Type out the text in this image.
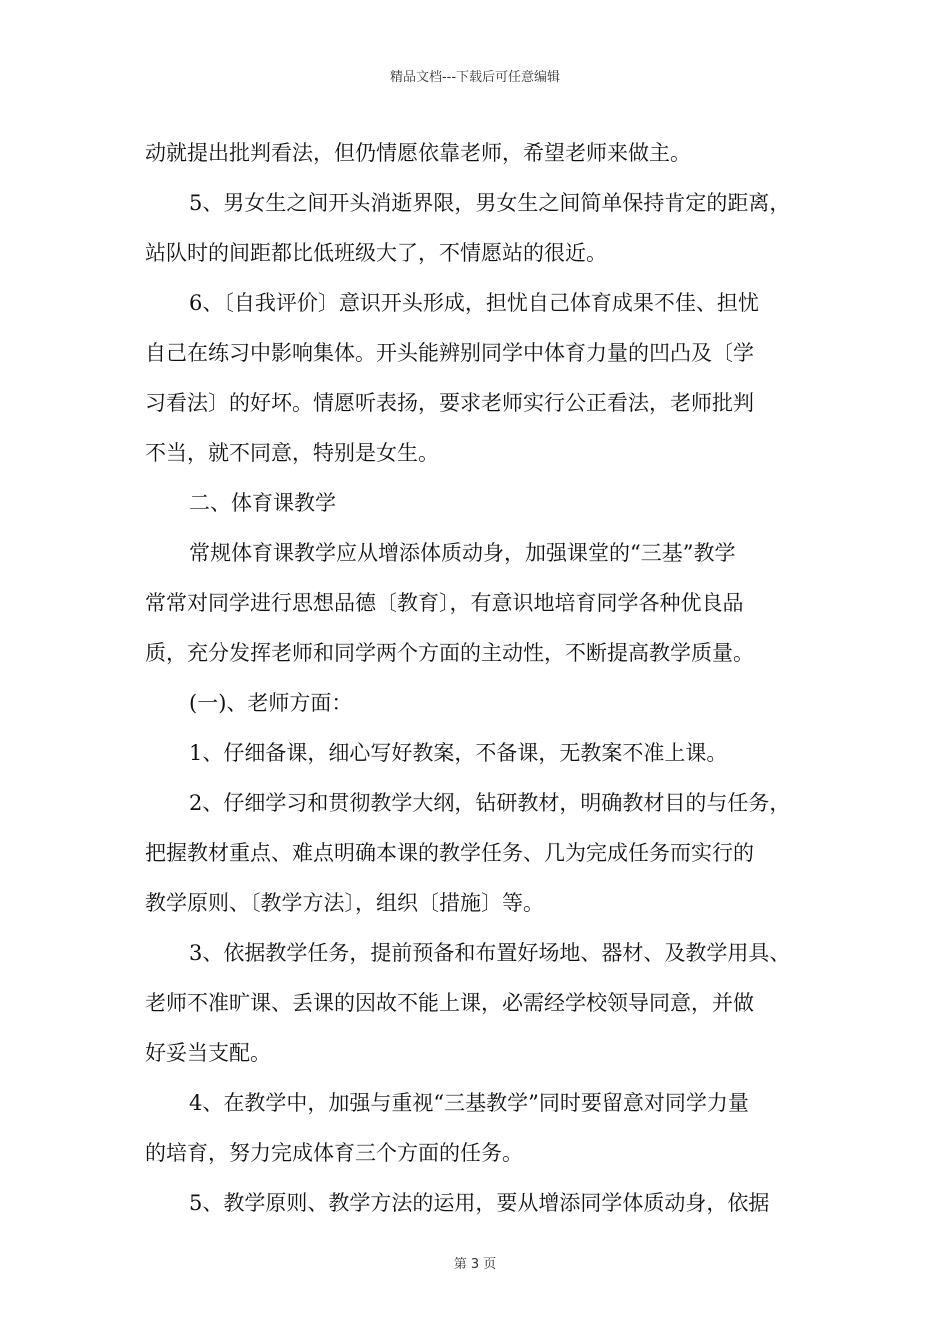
精品文档---下载后可任意编辑
动就提出批判看法，但仍情愿依靠老师，希望老师来做主。
5、男女生之间开头消逝界限，男女生之间简单保持肯定的距离，
站队时的间距都比低班级大了，不情愿站的很近。
6、〔自我评价〕意识开头形成，担忧自己体育成果不佳、担忧
自己在练习中影响集体。开头能辨别同学中体育力量的凹凸及〔学
习看法〕的好坏。情愿听表扬，要求老师实行公正看法，老师批判
不当，就不同意，特别是女生。
二、体育课教学
常规体育课教学应从增添体质动身，加强课堂的“三基”教学
常常对同学进行思想品德〔教育〕，有意识地培育同学各种优良品
质，充分发挥老师和同学两个方面的主动性，不断提高教学质量。
(一)、老师方面：
1、仔细备课，细心写好教案，不备课，无教案不准上课。
2、仔细学习和贯彻教学大纲，钻研教材，明确教材目的与任务，
把握教材重点、难点明确本课的教学任务、几为完成任务而实行的
教学原则、〔教学方法〕，组织〔措施〕等。
3、依据教学任务，提前预备和布置好场地、器材、及教学用具、
老师不准旷课、丢课的因故不能上课，必需经学校领导同意，并做
好妥当支配。
4、在教学中，加强与重视“三基教学”同时要留意对同学力量
的培育，努力完成体育三个方面的任务。
5、教学原则、教学方法的运用，要从增添同学体质动身，依据
第 3 页
